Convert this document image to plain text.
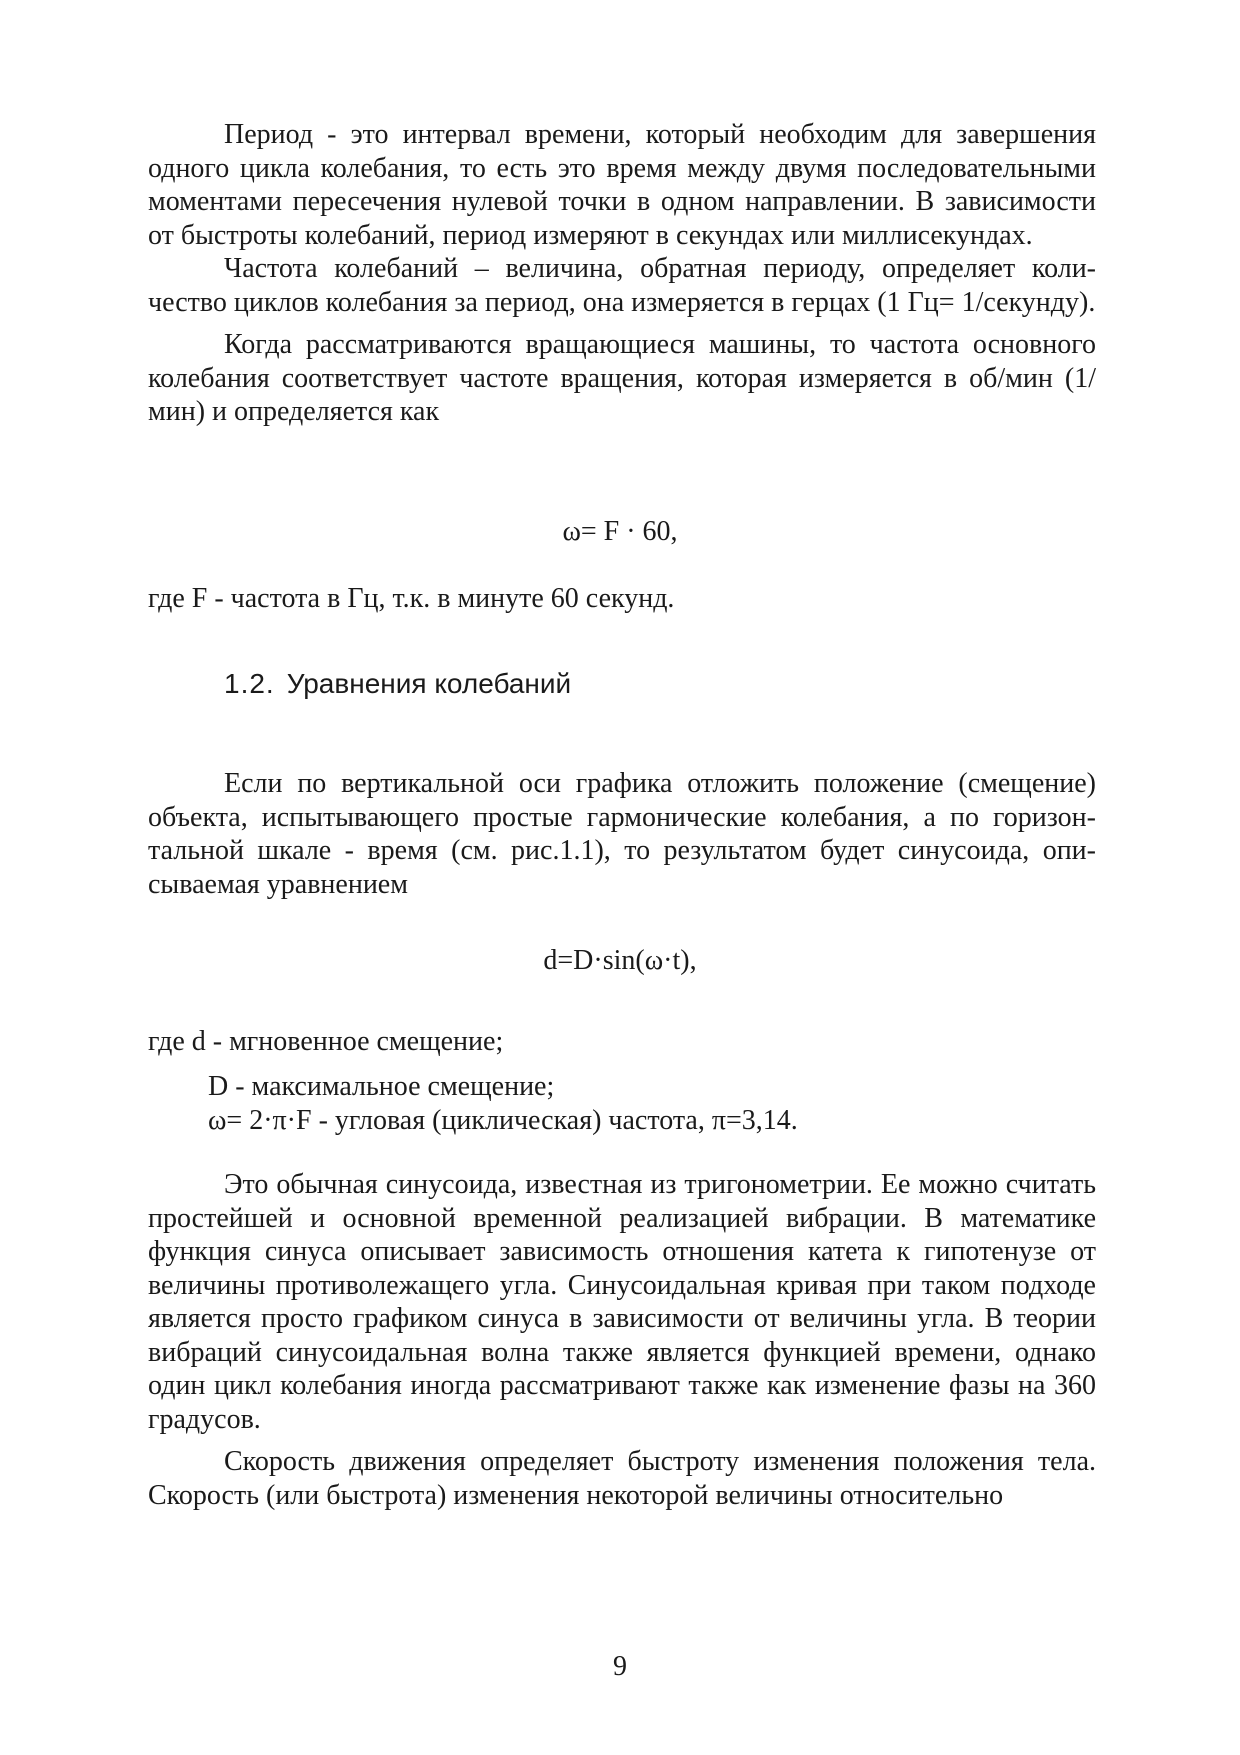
Период - это интервал времени, который необходим для завершения одного цикла колебания, то есть это время между двумя последовательными моментами пересечения нулевой точки в одном направлении. В зависимости от быстроты колебаний, период измеряют в секундах или миллисекундах.

Частота колебаний – величина, обратная периоду, определяет количество циклов колебания за период, она измеряется в герцах (1 Гц= 1/секунду).

Когда рассматриваются вращающиеся машины, то частота основного колебания соответствует частоте вращения, которая измеряется в об/мин (1/мин) и определяется как

ω= F · 60,

где F - частота в Гц, т.к. в минуте 60 секунд.

1.2. Уравнения колебаний

Если по вертикальной оси графика отложить положение (смещение) объекта, испытывающего простые гармонические колебания, а по горизонтальной шкале - время (см. рис.1.1), то результатом будет синусоида, описываемая уравнением

d=D·sin(ω·t),

где d - мгновенное смещение;

D - максимальное смещение;
ω= 2·π·F - угловая (циклическая) частота, π=3,14.

Это обычная синусоида, известная из тригонометрии. Ее можно считать простейшей и основной временной реализацией вибрации. В математике функция синуса описывает зависимость отношения катета к гипотенузе от величины противолежащего угла. Синусоидальная кривая при таком подходе является просто графиком синуса в зависимости от величины угла. В теории вибраций синусоидальная волна также является функцией времени, однако один цикл колебания иногда рассматривают также как изменение фазы на 360 градусов.

Скорость движения определяет быстроту изменения положения тела. Скорость (или быстрота) изменения некоторой величины относительно

9
